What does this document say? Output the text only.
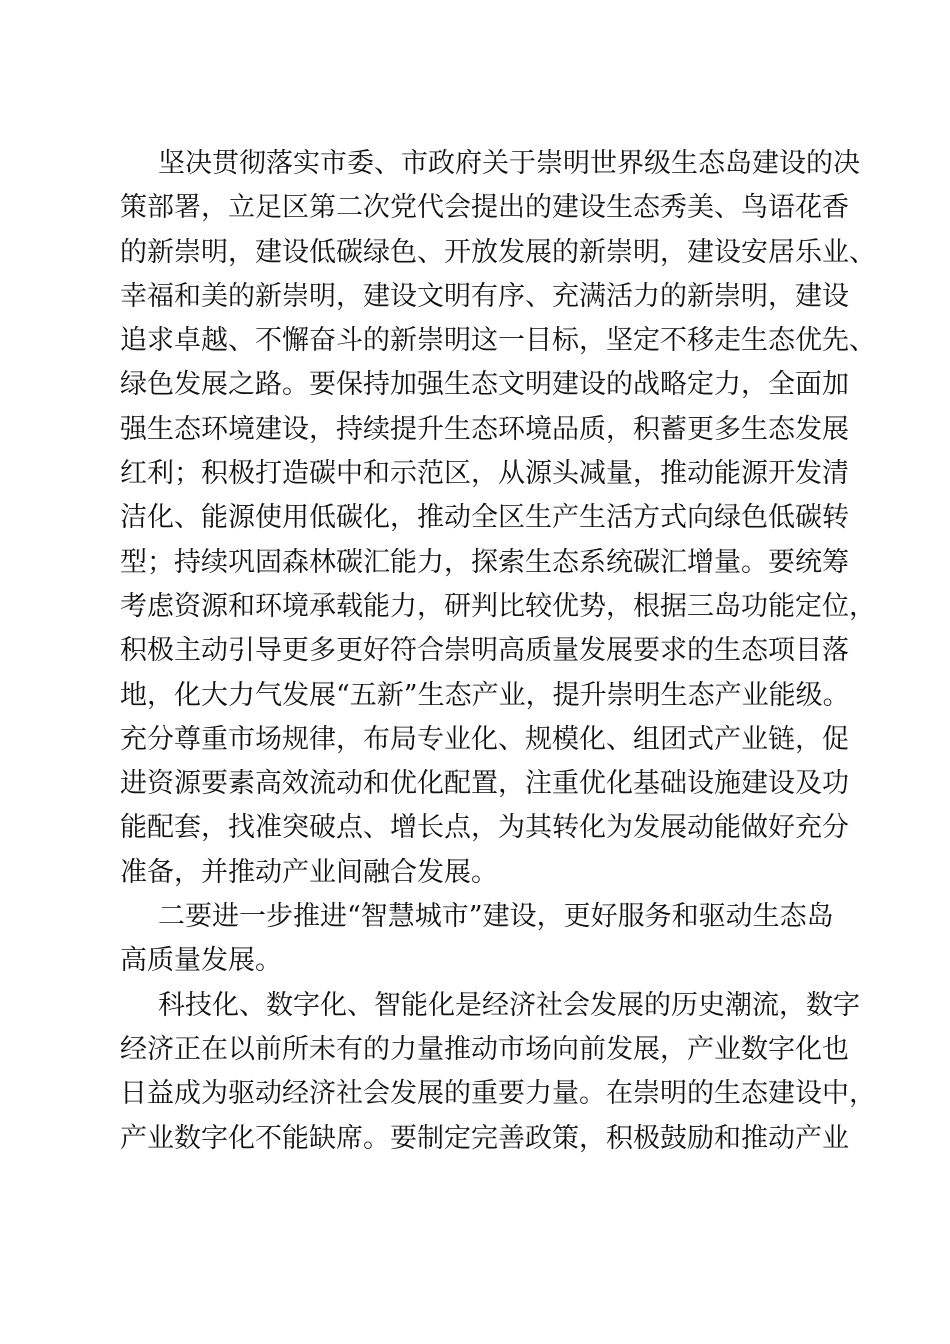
坚决贯彻落实市委、市政府关于崇明世界级生态岛建设的决
策部署，立足区第二次党代会提出的建设生态秀美、鸟语花香
的新崇明，建设低碳绿色、开放发展的新崇明，建设安居乐业、
幸福和美的新崇明，建设文明有序、充满活力的新崇明，建设
追求卓越、不懈奋斗的新崇明这一目标，坚定不移走生态优先、
绿色发展之路。要保持加强生态文明建设的战略定力，全面加
强生态环境建设，持续提升生态环境品质，积蓄更多生态发展
红利；积极打造碳中和示范区，从源头减量，推动能源开发清
洁化、能源使用低碳化，推动全区生产生活方式向绿色低碳转
型；持续巩固森林碳汇能力，探索生态系统碳汇增量。要统筹
考虑资源和环境承载能力，研判比较优势，根据三岛功能定位，
积极主动引导更多更好符合崇明高质量发展要求的生态项目落
地，化大力气发展“五新”生态产业，提升崇明生态产业能级。
充分尊重市场规律，布局专业化、规模化、组团式产业链，促
进资源要素高效流动和优化配置，注重优化基础设施建设及功
能配套，找准突破点、增长点，为其转化为发展动能做好充分
准备，并推动产业间融合发展。
二要进一步推进“智慧城市”建设，更好服务和驱动生态岛
高质量发展。
科技化、数字化、智能化是经济社会发展的历史潮流，数字
经济正在以前所未有的力量推动市场向前发展，产业数字化也
日益成为驱动经济社会发展的重要力量。在崇明的生态建设中，
产业数字化不能缺席。要制定完善政策，积极鼓励和推动产业
